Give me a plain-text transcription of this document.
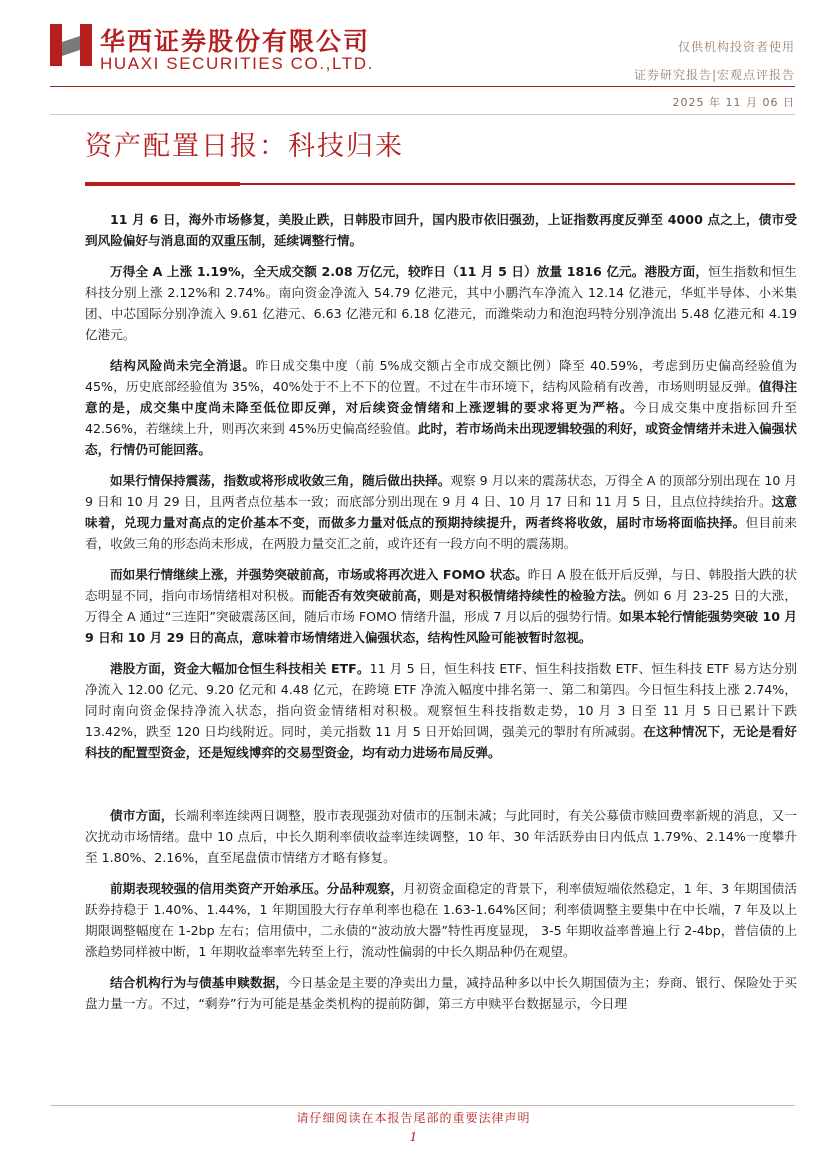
华西证券股份有限公司
HUAXI SECURITIES CO.,LTD.
仅供机构投资者使用
证券研究报告|宏观点评报告
2025 年 11 月 06 日
资产配置日报：科技归来

11 月 6 日，海外市场修复，美股止跌，日韩股市回升，国内股市依旧强劲，上证指数再度反弹至 4000 点之上，债市受到风险偏好与消息面的双重压制，延续调整行情。

万得全 A 上涨 1.19%，全天成交额 2.08 万亿元，较昨日（11 月 5 日）放量 1816 亿元。港股方面，恒生指数和恒生科技分别上涨 2.12%和 2.74%。南向资金净流入 54.79 亿港元，其中小鹏汽车净流入 12.14 亿港元，华虹半导体、小米集团、中芯国际分别净流入 9.61 亿港元、6.63 亿港元和 6.18 亿港元，而潍柴动力和泡泡玛特分别净流出 5.48 亿港元和 4.19 亿港元。

结构风险尚未完全消退。昨日成交集中度（前 5%成交额占全市成交额比例）降至 40.59%，考虑到历史偏高经验值为 45%，历史底部经验值为 35%，40%处于不上不下的位置。不过在牛市环境下，结构风险稍有改善，市场则明显反弹。值得注意的是，成交集中度尚未降至低位即反弹，对后续资金情绪和上涨逻辑的要求将更为严格。今日成交集中度指标回升至 42.56%，若继续上升，则再次来到 45%历史偏高经验值。此时，若市场尚未出现逻辑较强的利好，或资金情绪并未进入偏强状态，行情仍可能回落。

如果行情保持震荡，指数或将形成收敛三角，随后做出抉择。观察 9 月以来的震荡状态，万得全 A 的顶部分别出现在 10 月 9 日和 10 月 29 日，且两者点位基本一致；而底部分别出现在 9 月 4 日、10 月 17 日和 11 月 5 日，且点位持续抬升。这意味着，兑现力量对高点的定价基本不变，而做多力量对低点的预期持续提升，两者终将收敛，届时市场将面临抉择。但目前来看，收敛三角的形态尚未形成，在两股力量交汇之前，或许还有一段方向不明的震荡期。

而如果行情继续上涨，并强势突破前高，市场或将再次进入 FOMO 状态。昨日 A 股在低开后反弹，与日、韩股指大跌的状态明显不同，指向市场情绪相对积极。而能否有效突破前高，则是对积极情绪持续性的检验方法。例如 6 月 23-25 日的大涨，万得全 A 通过“三连阳”突破震荡区间，随后市场 FOMO 情绪升温，形成 7 月以后的强势行情。如果本轮行情能强势突破 10 月 9 日和 10 月 29 日的高点，意味着市场情绪进入偏强状态，结构性风险可能被暂时忽视。

港股方面，资金大幅加仓恒生科技相关 ETF。11 月 5 日，恒生科技 ETF、恒生科技指数 ETF、恒生科技 ETF 易方达分别净流入 12.00 亿元、9.20 亿元和 4.48 亿元，在跨境 ETF 净流入幅度中排名第一、第二和第四。今日恒生科技上涨 2.74%，同时南向资金保持净流入状态，指向资金情绪相对积极。观察恒生科技指数走势，10 月 3 日至 11 月 5 日已累计下跌 13.42%，跌至 120 日均线附近。同时，美元指数 11 月 5 日开始回调，强美元的掣肘有所减弱。在这种情况下，无论是看好科技的配置型资金，还是短线博弈的交易型资金，均有动力进场布局反弹。

债市方面，长端利率连续两日调整，股市表现强劲对债市的压制未减；与此同时，有关公募债市赎回费率新规的消息，又一次扰动市场情绪。盘中 10 点后，中长久期利率债收益率连续调整，10 年、30 年活跃券由日内低点 1.79%、2.14%一度攀升至 1.80%、2.16%，直至尾盘债市情绪方才略有修复。

前期表现较强的信用类资产开始承压。分品种观察，月初资金面稳定的背景下，利率债短端依然稳定，1 年、3 年期国债活跃券持稳于 1.40%、1.44%，1 年期国股大行存单利率也稳在 1.63-1.64%区间；利率债调整主要集中在中长端，7 年及以上期限调整幅度在 1-2bp 左右；信用债中，二永债的“波动放大器”特性再度显现， 3-5 年期收益率普遍上行 2-4bp，普信债的上涨趋势同样被中断，1 年期收益率率先转至上行，流动性偏弱的中长久期品种仍在观望。

结合机构行为与债基申赎数据，今日基金是主要的净卖出力量，减持品种多以中长久期国债为主；券商、银行、保险处于买盘力量一方。不过，“剩券”行为可能是基金类机构的提前防御，第三方申赎平台数据显示，今日理

请仔细阅读在本报告尾部的重要法律声明
1
